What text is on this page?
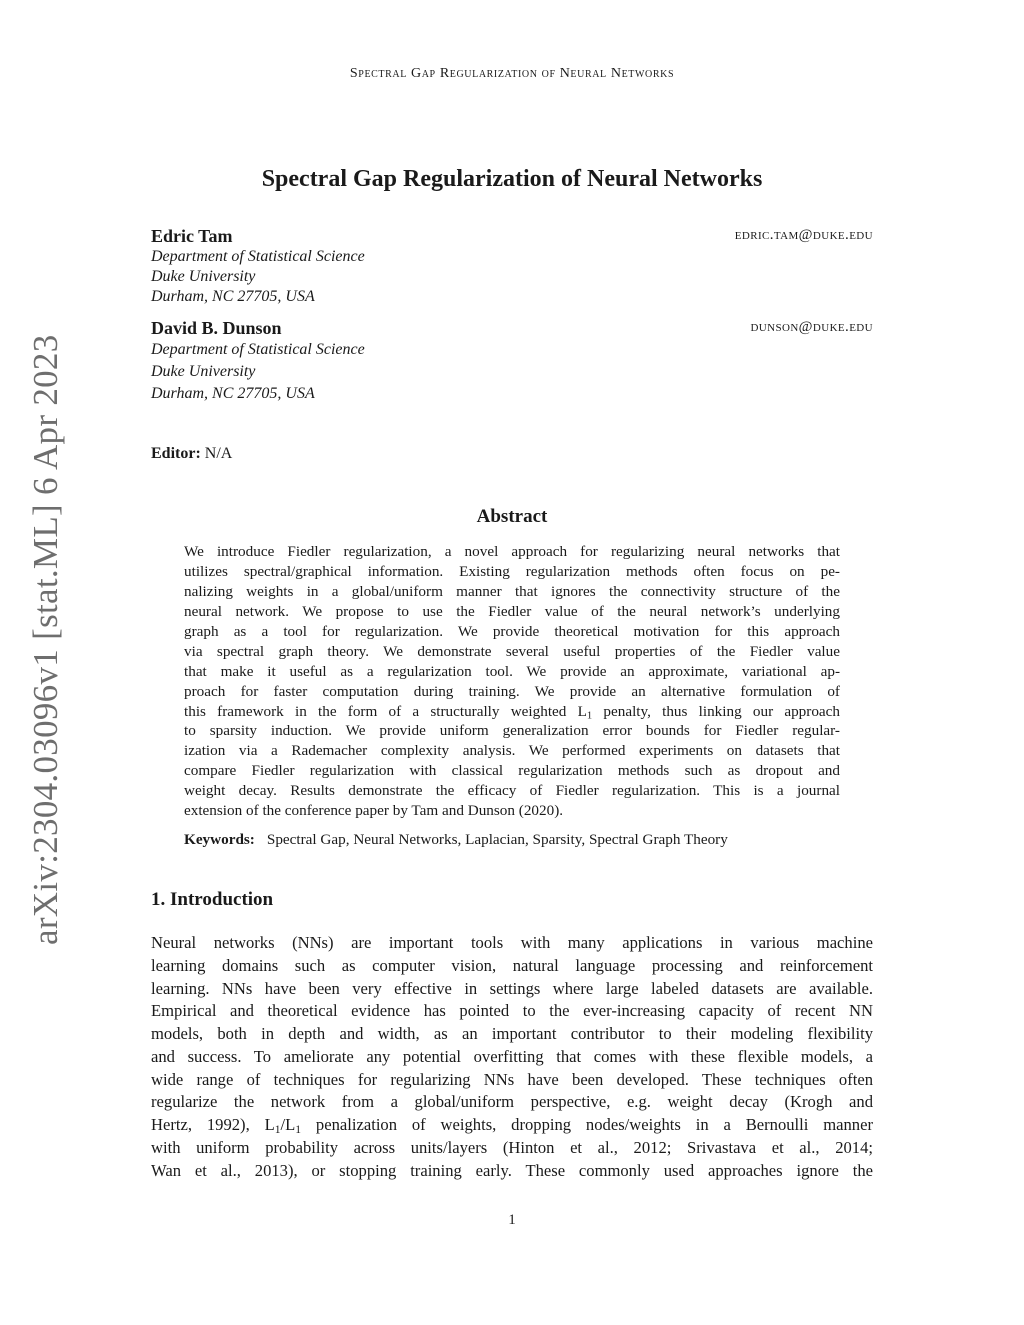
Spectral Gap Regularization of Neural Networks
arXiv:2304.03096v1 [stat.ML] 6 Apr 2023
Spectral Gap Regularization of Neural Networks
Edric Tam	edric.tam@duke.edu
Department of Statistical Science
Duke University
Durham, NC 27705, USA
David B. Dunson	dunson@duke.edu
Department of Statistical Science
Duke University
Durham, NC 27705, USA
Editor: N/A
Abstract
We introduce Fiedler regularization, a novel approach for regularizing neural networks that
utilizes spectral/graphical information. Existing regularization methods often focus on pe-
nalizing weights in a global/uniform manner that ignores the connectivity structure of the
neural network. We propose to use the Fiedler value of the neural network’s underlying
graph as a tool for regularization. We provide theoretical motivation for this approach
via spectral graph theory. We demonstrate several useful properties of the Fiedler value
that make it useful as a regularization tool. We provide an approximate, variational ap-
proach for faster computation during training. We provide an alternative formulation of
this framework in the form of a structurally weighted $L_1$ penalty, thus linking our approach
to sparsity induction. We provide uniform generalization error bounds for Fiedler regular-
ization via a Rademacher complexity analysis. We performed experiments on datasets that
compare Fiedler regularization with classical regularization methods such as dropout and
weight decay. Results demonstrate the efficacy of Fiedler regularization. This is a journal
extension of the conference paper by Tam and Dunson (2020).
Keywords: Spectral Gap, Neural Networks, Laplacian, Sparsity, Spectral Graph Theory
1. Introduction
Neural networks (NNs) are important tools with many applications in various machine
learning domains such as computer vision, natural language processing and reinforcement
learning. NNs have been very effective in settings where large labeled datasets are available.
Empirical and theoretical evidence has pointed to the ever-increasing capacity of recent NN
models, both in depth and width, as an important contributor to their modeling flexibility
and success. To ameliorate any potential overfitting that comes with these flexible models, a
wide range of techniques for regularizing NNs have been developed. These techniques often
regularize the network from a global/uniform perspective, e.g. weight decay (Krogh and
Hertz, 1992), $L_1/L_1$ penalization of weights, dropping nodes/weights in a Bernoulli manner
with uniform probability across units/layers (Hinton et al., 2012; Srivastava et al., 2014;
Wan et al., 2013), or stopping training early. These commonly used approaches ignore the
1
